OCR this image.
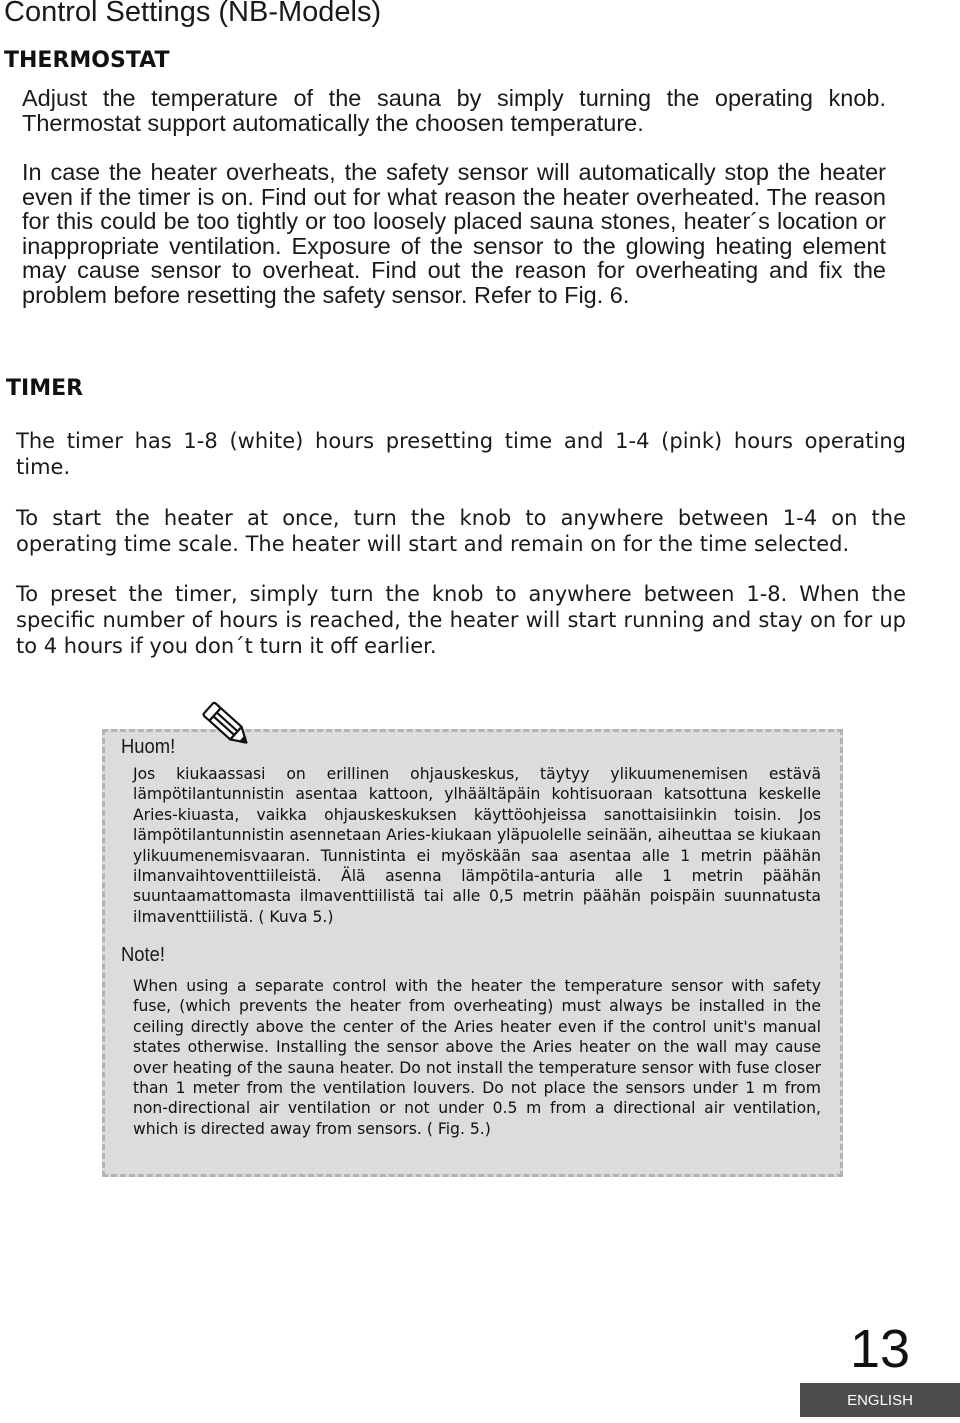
Control Settings (NB-Models)
THERMOSTAT

Adjust the temperature of the sauna by simply turning the operating knob. Thermostat support automatically the choosen temperature.

In case the heater overheats, the safety sensor will automatically stop the heater even if the timer is on. Find out for what reason the heater overheated. The reason for this could be too tightly or too loosely placed sauna stones, heater´s location or inappropriate ventilation. Exposure of the sensor to the glowing heating element may cause sensor to overheat. Find out the reason for overheating and fix the problem before resetting the safety sensor. Refer to Fig. 6.

TIMER

The timer has 1-8 (white) hours presetting time and 1-4 (pink) hours operating time.

To start the heater at once, turn the knob to anywhere between 1-4 on the operating time scale. The heater will start and remain on for the time selected.

To preset the timer, simply turn the knob to anywhere between 1-8. When the specific number of hours is reached, the heater will start running and stay on for up to 4 hours if you don´t turn it off earlier.

Huom!

Jos kiukaassasi on erillinen ohjauskeskus, täytyy ylikuumenemisen estävä lämpötilantunnistin asentaa kattoon, ylhäältäpäin kohtisuoraan katsottuna keskelle Aries-kiuasta, vaikka ohjauskeskuksen käyttöohjeissa sanottaisiinkin toisin. Jos lämpötilantunnistin asennetaan Aries-kiukaan yläpuolelle seinään, aiheuttaa se kiukaan ylikuumenemisvaaran. Tunnistinta ei myöskään saa asentaa alle 1 metrin päähän ilmanvaihtoventtiileistä. Älä asenna lämpötila-anturia alle 1 metrin päähän suuntaamattomasta ilmaventtiilistä tai alle 0,5 metrin päähän poispäin suunnatusta ilmaventtiilistä. ( Kuva 5.)

Note!

When using a separate control with the heater the temperature sensor with safety fuse, (which prevents the heater from overheating) must always be installed in the ceiling directly above the center of the Aries heater even if the control unit's manual states otherwise. Installing the sensor above the Aries heater on the wall may cause over heating of the sauna heater. Do not install the temperature sensor with fuse closer than 1 meter from the ventilation louvers. Do not place the sensors under 1 m from non-directional air ventilation or not under 0.5 m from a directional air ventilation, which is directed away from sensors. ( Fig. 5.)

13
ENGLISH
